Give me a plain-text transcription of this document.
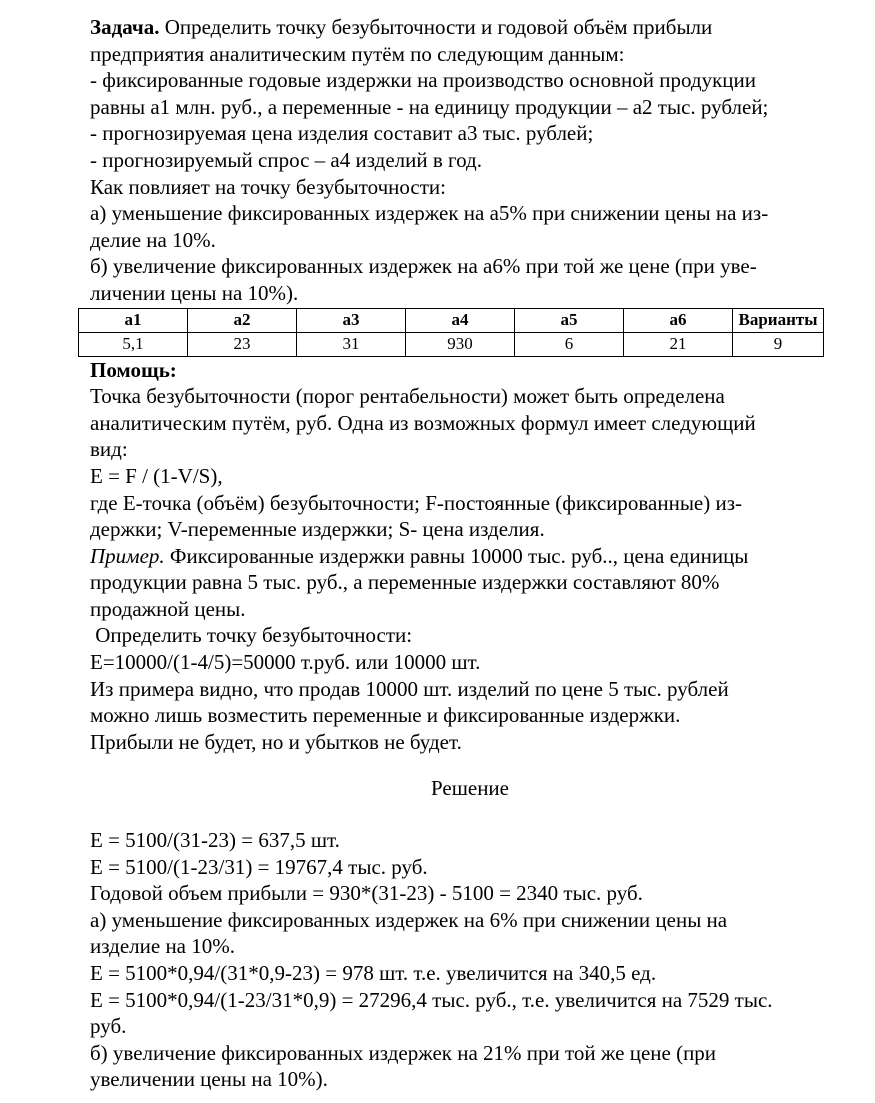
Задача. Определить точку безубыточности и годовой объём прибыли
предприятия аналитическим путём по следующим данным:
- фиксированные годовые издержки на производство основной продукции
равны а1 млн. руб., а переменные - на единицу продукции – а2 тыс. рублей;
- прогнозируемая цена изделия составит а3 тыс. рублей;
- прогнозируемый спрос – а4 изделий в год.
Как повлияет на точку безубыточности:
а) уменьшение фиксированных издержек на а5% при снижении цены на из-
делие на 10%.
б) увеличение фиксированных издержек на а6% при той же цене (при уве-
личении цены на 10%).
а1	а2	а3	а4	а5	а6	Варианты
5,1	23	31	930	6	21	9
Помощь:
Точка безубыточности (порог рентабельности) может быть определена
аналитическим путём, руб. Одна из возможных формул имеет следующий
вид:
E = F / (1-V/S),
где Е-точка (объём) безубыточности; F-постоянные (фиксированные) из-
держки; V-переменные издержки; S- цена изделия.
Пример. Фиксированные издержки равны 10000 тыс. руб.., цена единицы
продукции равна 5 тыс. руб., а переменные издержки составляют 80%
продажной цены.
Определить точку безубыточности:
E=10000/(1-4/5)=50000 т.руб. или 10000 шт.
Из примера видно, что продав 10000 шт. изделий по цене 5 тыс. рублей
можно лишь возместить переменные и фиксированные издержки.
Прибыли не будет, но и убытков не будет.
Решение
E = 5100/(31-23) = 637,5 шт.
E = 5100/(1-23/31) = 19767,4 тыс. руб.
Годовой объем прибыли = 930*(31-23) - 5100 = 2340 тыс. руб.
а) уменьшение фиксированных издержек на 6% при снижении цены на
изделие на 10%.
E = 5100*0,94/(31*0,9-23) = 978 шт. т.е. увеличится на 340,5 ед.
E = 5100*0,94/(1-23/31*0,9) = 27296,4 тыс. руб., т.е. увеличится на 7529 тыс.
руб.
б) увеличение фиксированных издержек на 21% при той же цене (при
увеличении цены на 10%).
